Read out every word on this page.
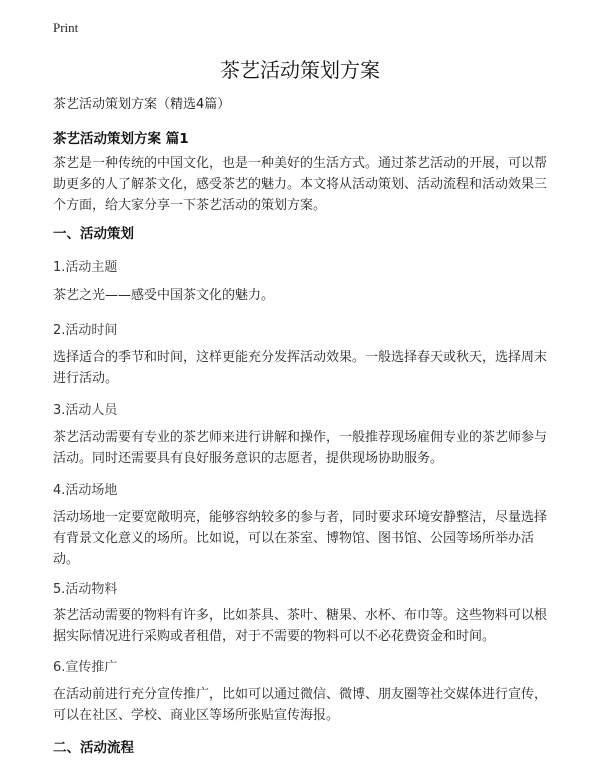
Print
茶艺活动策划方案
茶艺活动策划方案（精选4篇）
茶艺活动策划方案 篇1
茶艺是一种传统的中国文化，也是一种美好的生活方式。通过茶艺活动的开展，可以帮助更多的人了解茶文化，感受茶艺的魅力。本文将从活动策划、活动流程和活动效果三个方面，给大家分享一下茶艺活动的策划方案。
一、活动策划
1.活动主题
茶艺之光——感受中国茶文化的魅力。
2.活动时间
选择适合的季节和时间，这样更能充分发挥活动效果。一般选择春天或秋天，选择周末进行活动。
3.活动人员
茶艺活动需要有专业的茶艺师来进行讲解和操作，一般推荐现场雇佣专业的茶艺师参与活动。同时还需要具有良好服务意识的志愿者，提供现场协助服务。
4.活动场地
活动场地一定要宽敞明亮，能够容纳较多的参与者，同时要求环境安静整洁，尽量选择有背景文化意义的场所。比如说，可以在茶室、博物馆、图书馆、公园等场所举办活动。
5.活动物料
茶艺活动需要的物料有许多，比如茶具、茶叶、糖果、水杯、布巾等。这些物料可以根据实际情况进行采购或者租借，对于不需要的物料可以不必花费资金和时间。
6.宣传推广
在活动前进行充分宣传推广，比如可以通过微信、微博、朋友圈等社交媒体进行宣传，可以在社区、学校、商业区等场所张贴宣传海报。
二、活动流程
